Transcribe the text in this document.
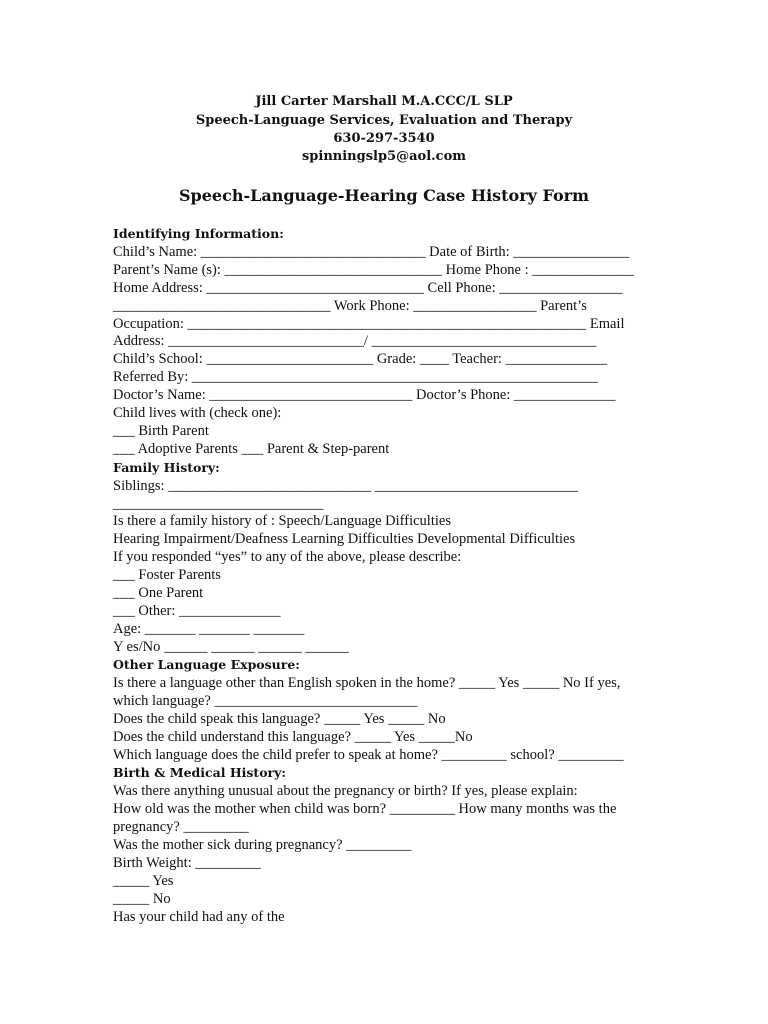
Jill Carter Marshall M.A.CCC/L SLP
Speech-Language Services, Evaluation and Therapy
630-297-3540
spinningslp5@aol.com
Speech-Language-Hearing Case History Form
Identifying Information:
Child’s Name: _______________________________ Date of Birth: ________________
Parent’s Name (s): ______________________________ Home Phone : ______________
Home Address: ______________________________ Cell Phone: _________________
______________________________ Work Phone: _________________ Parent’s
Occupation: _______________________________________________________ Email
Address: ___________________________/ _______________________________
Child’s School: _______________________ Grade: ____ Teacher: ______________
Referred By: ________________________________________________________
Doctor’s Name: ____________________________ Doctor’s Phone: ______________
Child lives with (check one):
___ Birth Parent
___ Adoptive Parents ___ Parent & Step-parent
Family History:
Siblings: ____________________________ ____________________________
_____________________________
Is there a family history of : Speech/Language Difficulties
Hearing Impairment/Deafness Learning Difficulties Developmental Difficulties
If you responded “yes” to any of the above, please describe:
___ Foster Parents
___ One Parent
___ Other: ______________
Age: _______ _______ _______
Y es/No ______ ______ ______ ______
Other Language Exposure:
Is there a language other than English spoken in the home? _____ Yes _____ No If yes,
which language? ____________________________
Does the child speak this language? _____ Yes _____ No
Does the child understand this language? _____ Yes _____No
Which language does the child prefer to speak at home? _________ school? _________
Birth & Medical History:
Was there anything unusual about the pregnancy or birth? If yes, please explain:
How old was the mother when child was born? _________ How many months was the
pregnancy? _________
Was the mother sick during pregnancy? _________
Birth Weight: _________
_____ Yes
_____ No
Has your child had any of the
